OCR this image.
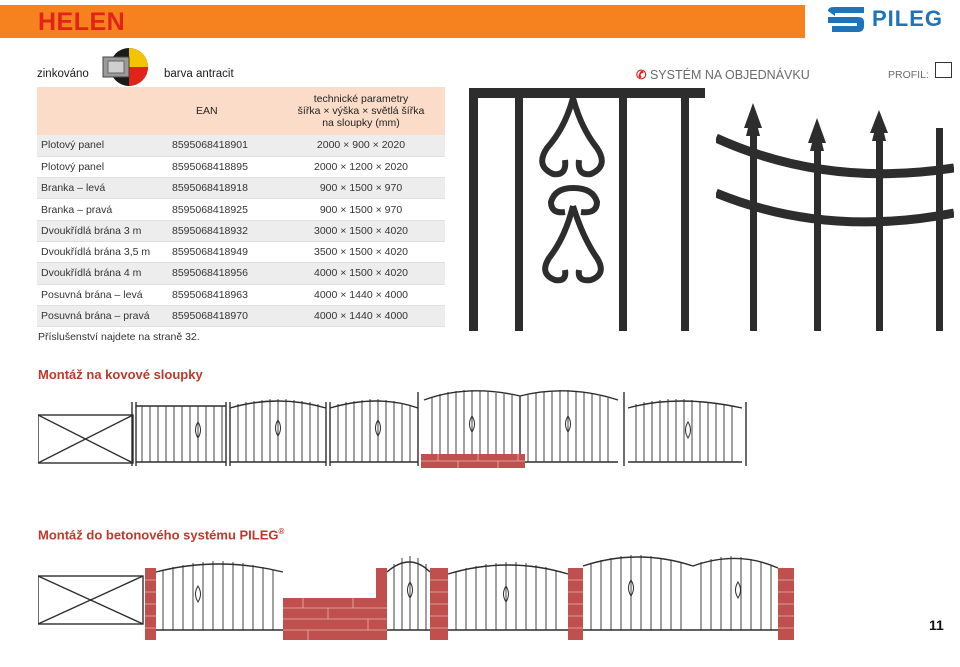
HELEN	PILEG
zinkováno	barva antracit	✆ SYSTÉM NA OBJEDNÁVKU	PROFIL:
	EAN	technické parametry
šířka × výška × světlá šířka
na sloupky (mm)

Plotový panel	8595068418901	2000 × 900 × 2020
Plotový panel	8595068418895	2000 × 1200 × 2020
Branka – levá	8595068418918	900 × 1500 × 970
Branka – pravá	8595068418925	900 × 1500 × 970
Dvoukřídlá brána 3 m	8595068418932	3000 × 1500 × 4020
Dvoukřídlá brána 3,5 m	8595068418949	3500 × 1500 × 4020
Dvoukřídlá brána 4 m	8595068418956	4000 × 1500 × 4020
Posuvná brána – levá	8595068418963	4000 × 1440 × 4000
Posuvná brána – pravá	8595068418970	4000 × 1440 × 4000
Příslušenství najdete na straně 32.
Montáž na kovové sloupky
Montáž do betonového systému PILEG®
11
